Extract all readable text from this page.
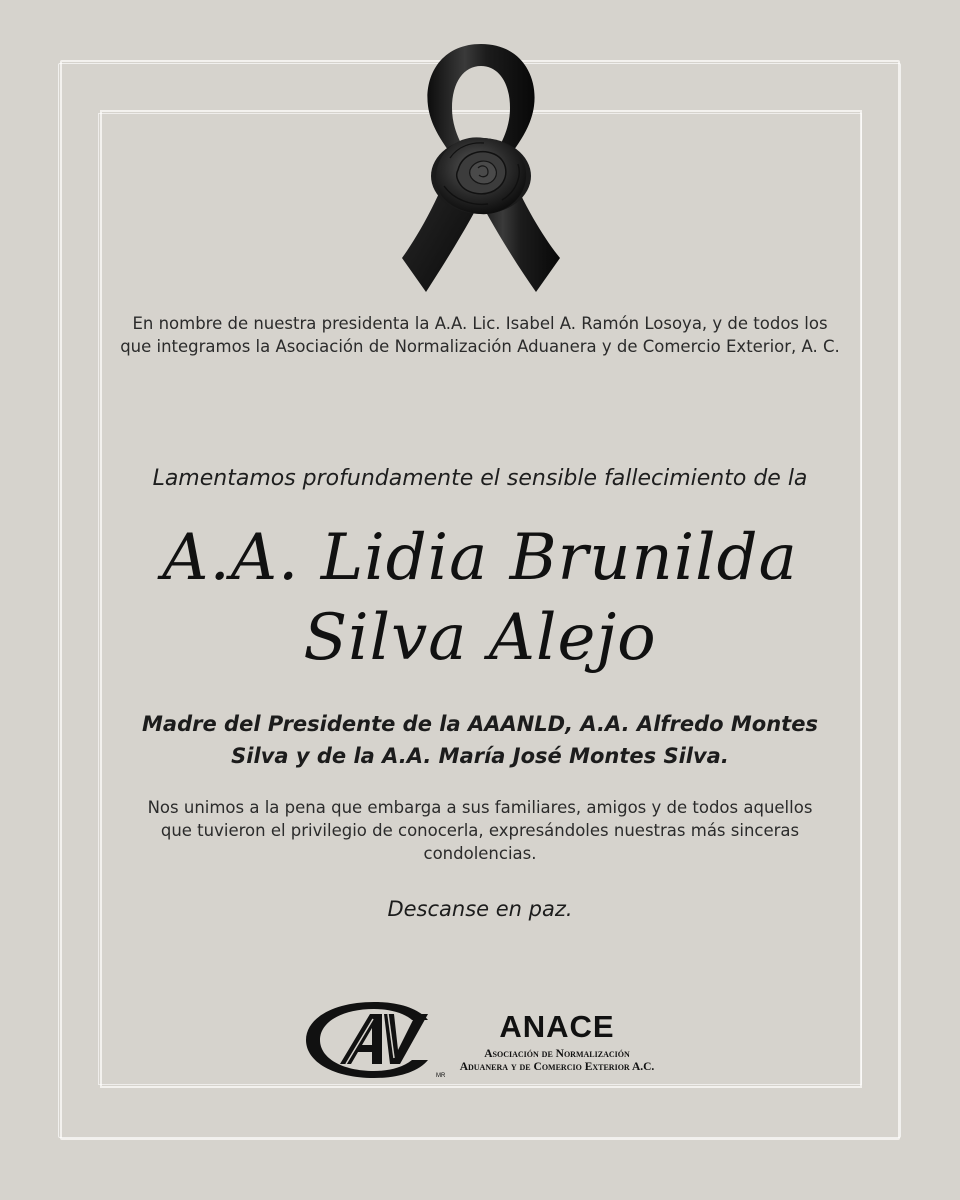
En nombre de nuestra presidenta la A.A. Lic. Isabel A. Ramón Losoya, y de todos los que integramos la Asociación de Normalización Aduanera y de Comercio Exterior, A. C.

Lamentamos profundamente el sensible fallecimiento de la

A.A. Lidia Brunilda
Silva Alejo
Madre del Presidente de la AAANLD, A.A. Alfredo Montes
Silva y de la A.A. María José Montes Silva.

Nos unimos a la pena que embarga a sus familiares, amigos y de todos aquellos que tuvieron el privilegio de conocerla, expresándoles nuestras más sinceras condolencias.

Descanse en paz.

MR
ANACE
Asociación de Normalización
Aduanera y de Comercio Exterior A.C.
